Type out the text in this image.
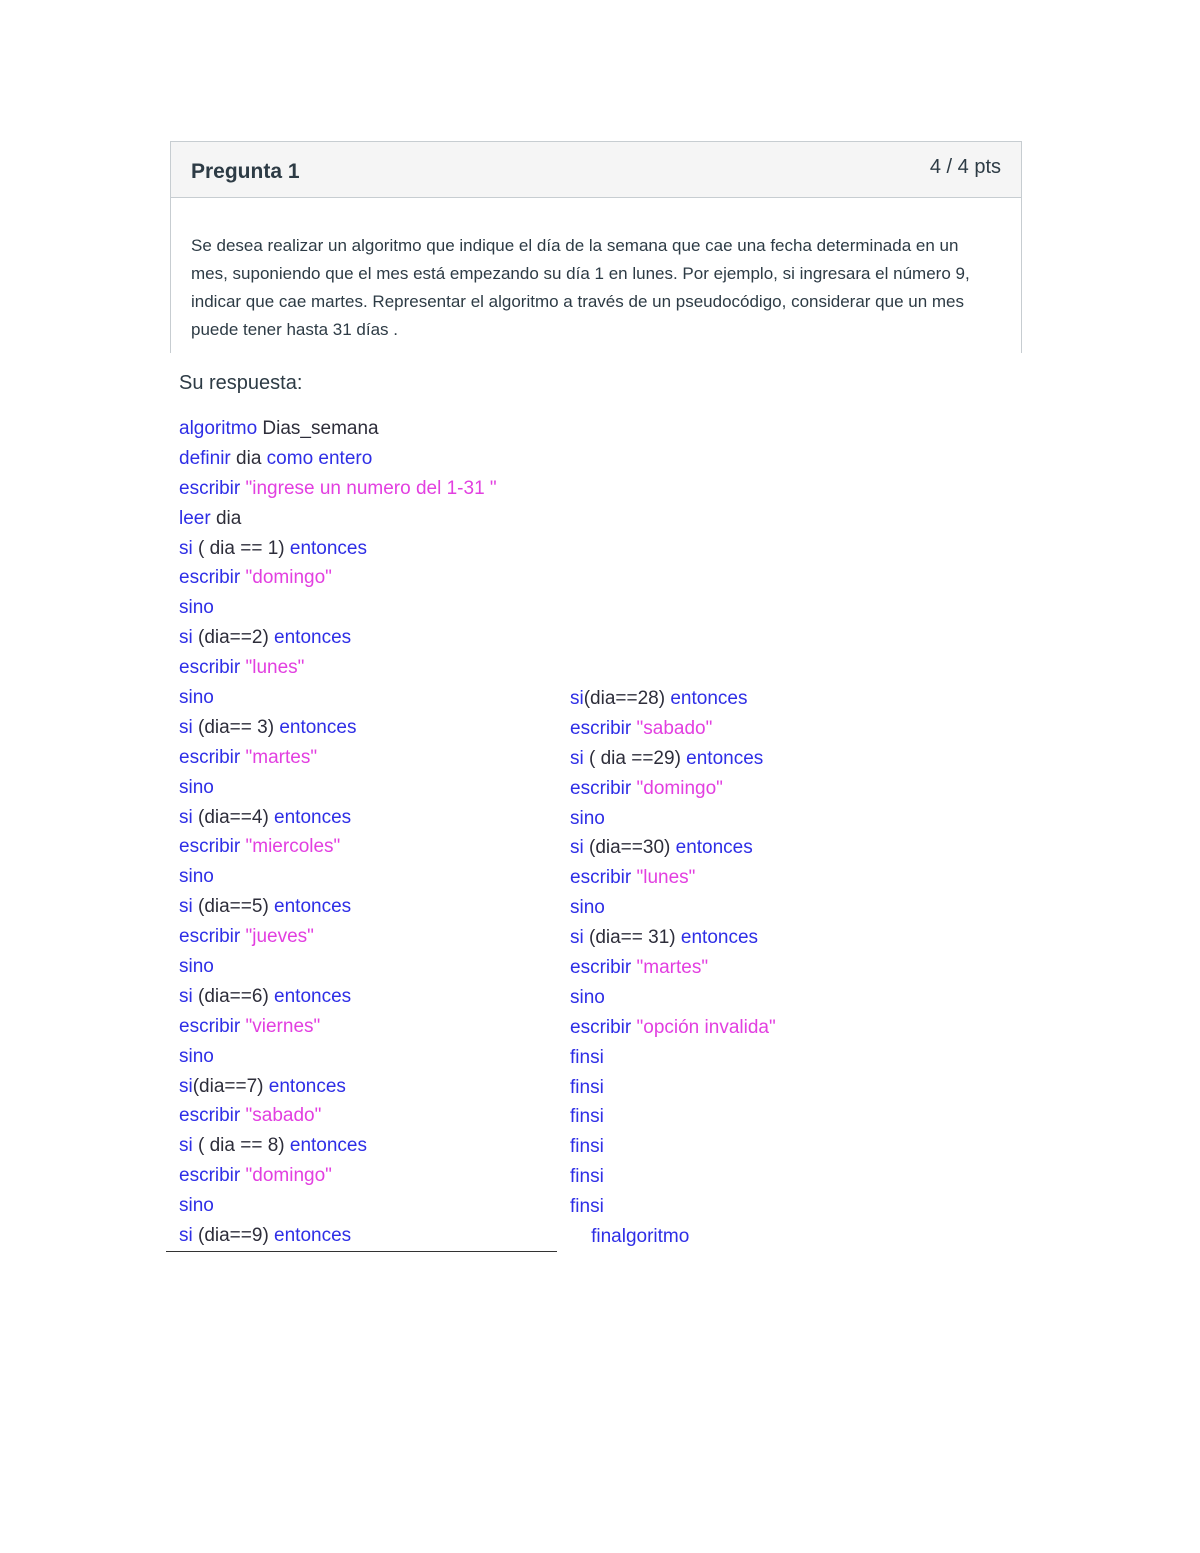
Pregunta 1	4 / 4 pts
Se desea realizar un algoritmo que indique el día de la semana que cae una fecha determinada en un mes, suponiendo que el mes está empezando su día 1 en lunes. Por ejemplo, si ingresara el número 9, indicar que cae martes. Representar el algoritmo a través de un pseudocódigo, considerar que un mes puede tener hasta 31 días .
Su respuesta:
algoritmo Dias_semana
definir dia como entero
escribir "ingrese un numero del 1-31 "
leer dia
si ( dia == 1) entonces
escribir "domingo"
sino
si (dia==2) entonces
escribir "lunes"
sino
si (dia== 3) entonces
escribir "martes"
sino
si (dia==4) entonces
escribir "miercoles"
sino
si (dia==5) entonces
escribir "jueves"
sino
si (dia==6) entonces
escribir "viernes"
sino
si(dia==7) entonces
escribir "sabado"
si ( dia == 8) entonces
escribir "domingo"
sino
si (dia==9) entonces
si(dia==28) entonces
escribir "sabado"
si ( dia ==29) entonces
escribir "domingo"
sino
si (dia==30) entonces
escribir "lunes"
sino
si (dia== 31) entonces
escribir "martes"
sino
escribir "opción invalida"
finsi
finsi
finsi
finsi
finsi
finsi
finalgoritmo
